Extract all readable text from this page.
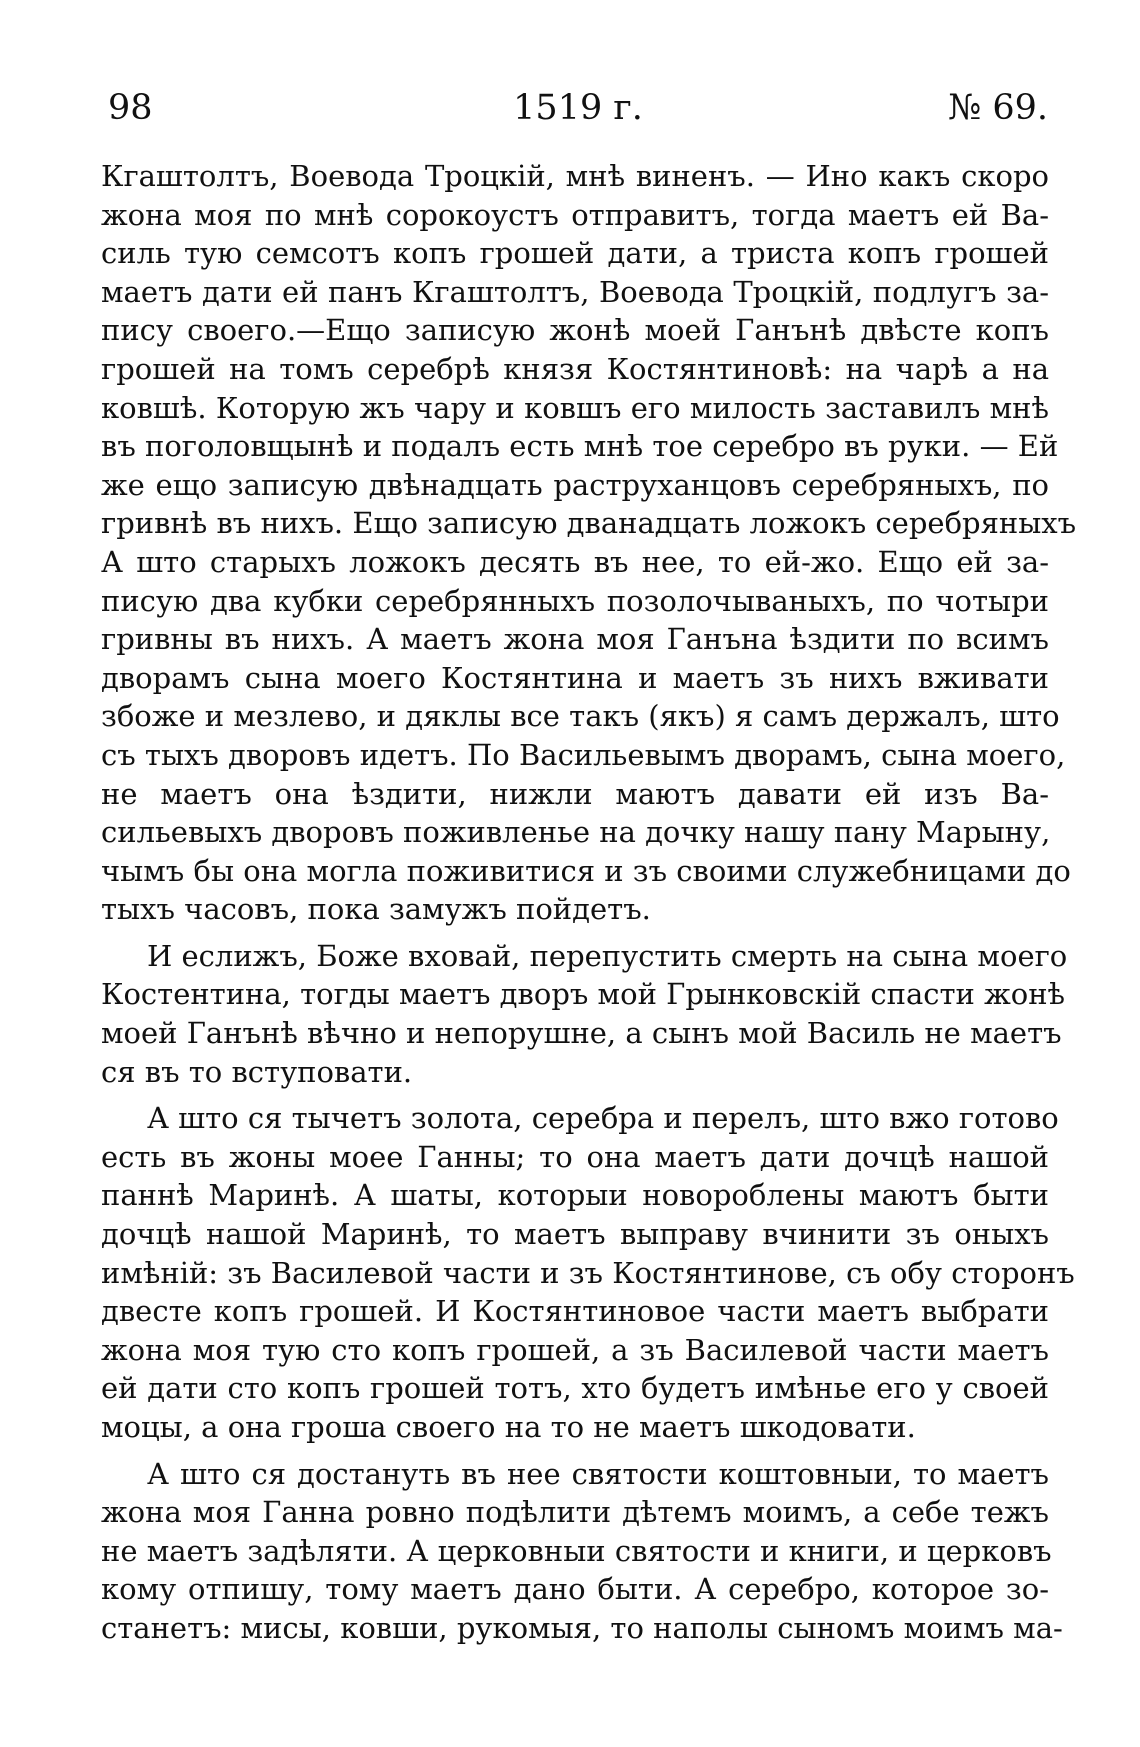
98	1519 г.	№ 69.
Кгаштолтъ, Воевода Троцкій, мнѣ виненъ. — Ино какъ скоро
жона моя по мнѣ сорокоустъ отправитъ, тогда маетъ ей Ва-
силь тую семсотъ копъ грошей дати, а триста копъ грошей
маетъ дати ей панъ Кгаштолтъ, Воевода Троцкій, подлугъ за-
пису своего.—Ещо записую жонѣ моей Ганънѣ двѣсте копъ
грошей на томъ серебрѣ князя Костянтиновѣ: на чарѣ а на
ковшѣ. Которую жъ чару и ковшъ его милость заставилъ мнѣ
въ поголовщынѣ и подалъ есть мнѣ тое серебро въ руки. — Ей
же ещо записую двѣнадцать раструханцовъ серебряныхъ, по
гривнѣ въ нихъ. Ещо записую дванадцать ложокъ серебряныхъ
А што старыхъ ложокъ десять въ нее, то ей-жо. Ещо ей за-
писую два кубки серебрянныхъ позолочываныхъ, по чотыри
гривны въ нихъ. А маетъ жона моя Ганъна ѣздити по всимъ
дворамъ сына моего Костянтина и маетъ зъ нихъ вживати
збоже и мезлево, и дяклы все такъ (якъ) я самъ держалъ, што
съ тыхъ дворовъ идетъ. По Васильевымъ дворамъ, сына моего,
не маетъ она ѣздити, нижли маютъ давати ей изъ Ва-
сильевыхъ дворовъ поживленье на дочку нашу пану Марыну,
чымъ бы она могла поживитися и зъ своими служебницами до
тыхъ часовъ, пока замужъ пойдетъ.
И еслижъ, Боже вховай, перепустить смерть на сына моего
Костентина, тогды маетъ дворъ мой Грынковскій спасти жонѣ
моей Ганънѣ вѣчно и непорушне, а сынъ мой Василь не маетъ
ся въ то вступовати.
А што ся тычетъ золота, серебра и перелъ, што вжо готово
есть въ жоны моее Ганны; то она маетъ дати дочцѣ нашой
паннѣ Маринѣ. А шаты, которыи новороблены маютъ быти
дочцѣ нашой Маринѣ, то маетъ выправу вчинити зъ оныхъ
имѣній: зъ Василевой части и зъ Костянтинове, съ обу сторонъ
двесте копъ грошей. И Костянтиновое части маетъ выбрати
жона моя тую сто копъ грошей, а зъ Василевой части маетъ
ей дати сто копъ грошей тотъ, хто будетъ имѣнье его у своей
моцы, а она гроша своего на то не маетъ шкодовати.
А што ся достануть въ нее святости коштовныи, то маетъ
жона моя Ганна ровно подѣлити дѣтемъ моимъ, а себе тежъ
не маетъ задѣляти. А церковныи святости и книги, и церковъ
кому отпишу, тому маетъ дано быти. А серебро, которое зо-
станетъ: мисы, ковши, рукомыя, то наполы сыномъ моимъ ма-
